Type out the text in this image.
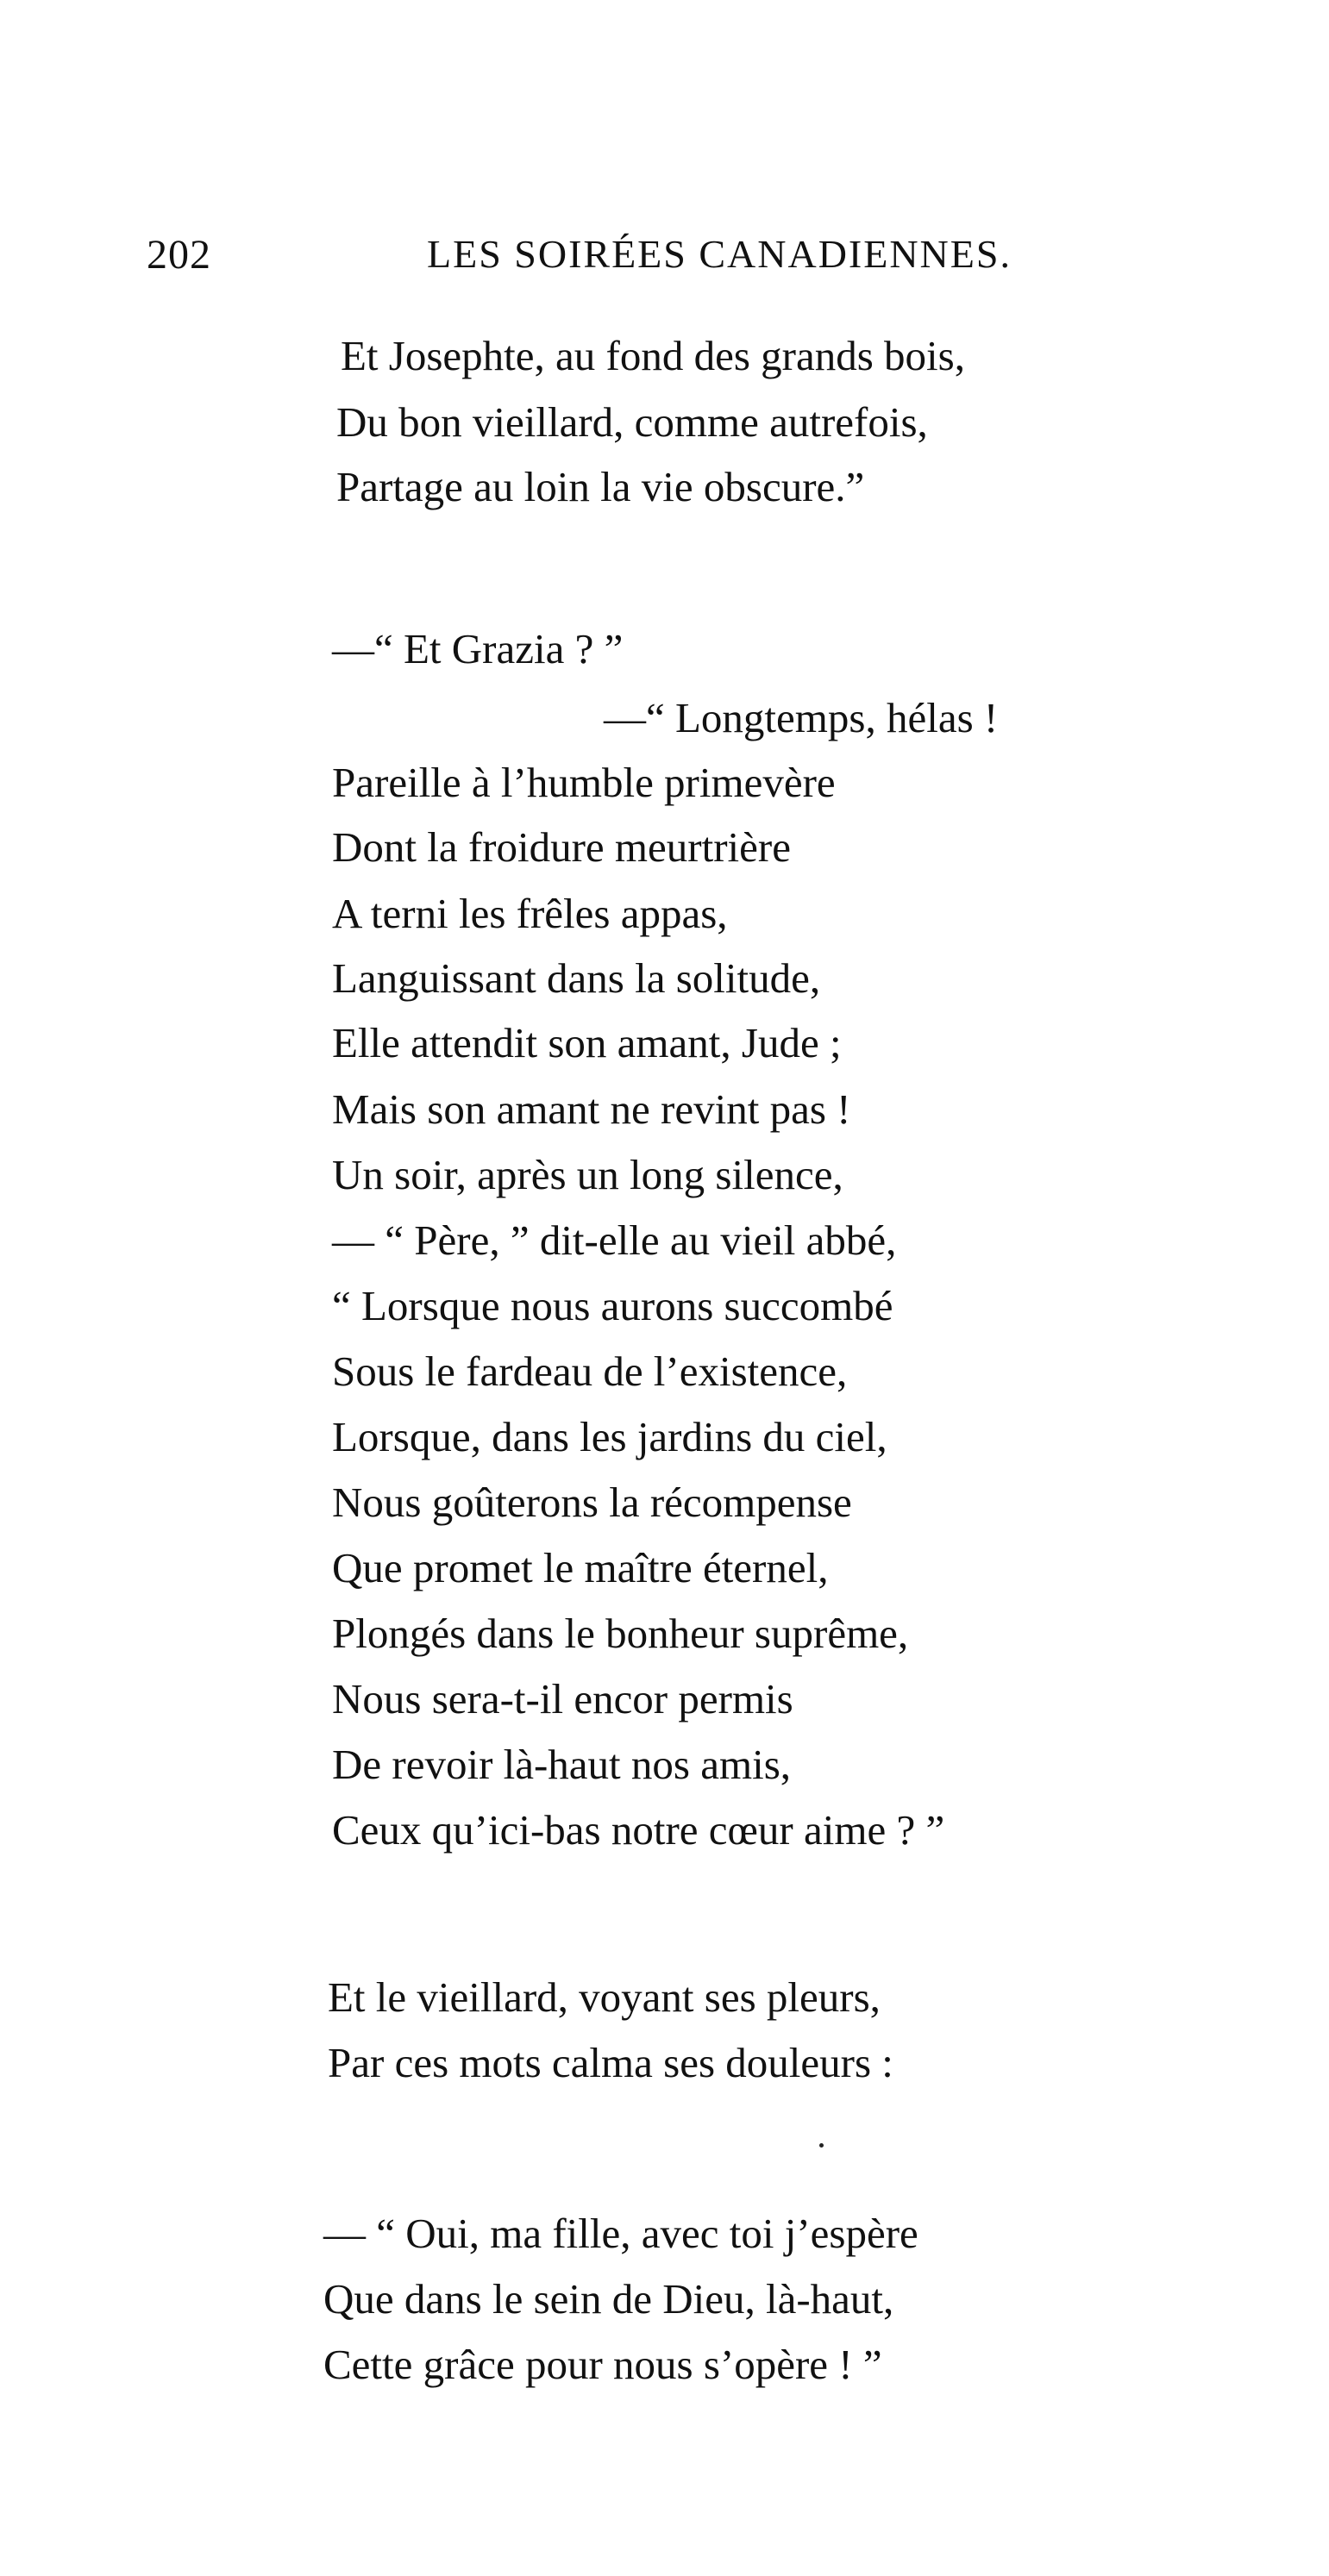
202	LES SOIRÉES CANADIENNES.
Et Josephte, au fond des grands bois,
Du bon vieillard, comme autrefois,
Partage au loin la vie obscure.”
—“ Et Grazia ? ”
—“ Longtemps, hélas !
Pareille à l’humble primevère
Dont la froidure meurtrière
A terni les frêles appas,
Languissant dans la solitude,
Elle attendit son amant, Jude ;
Mais son amant ne revint pas !
Un soir, après un long silence,
— “ Père, ” dit-elle au vieil abbé,
“ Lorsque nous aurons succombé
Sous le fardeau de l’existence,
Lorsque, dans les jardins du ciel,
Nous goûterons la récompense
Que promet le maître éternel,
Plongés dans le bonheur suprême,
Nous sera-t-il encor permis
De revoir là-haut nos amis,
Ceux qu’ici-bas notre cœur aime ? ”
Et le vieillard, voyant ses pleurs,
Par ces mots calma ses douleurs :
— “ Oui, ma fille, avec toi j’espère
Que dans le sein de Dieu, là-haut,
Cette grâce pour nous s’opère ! ”
